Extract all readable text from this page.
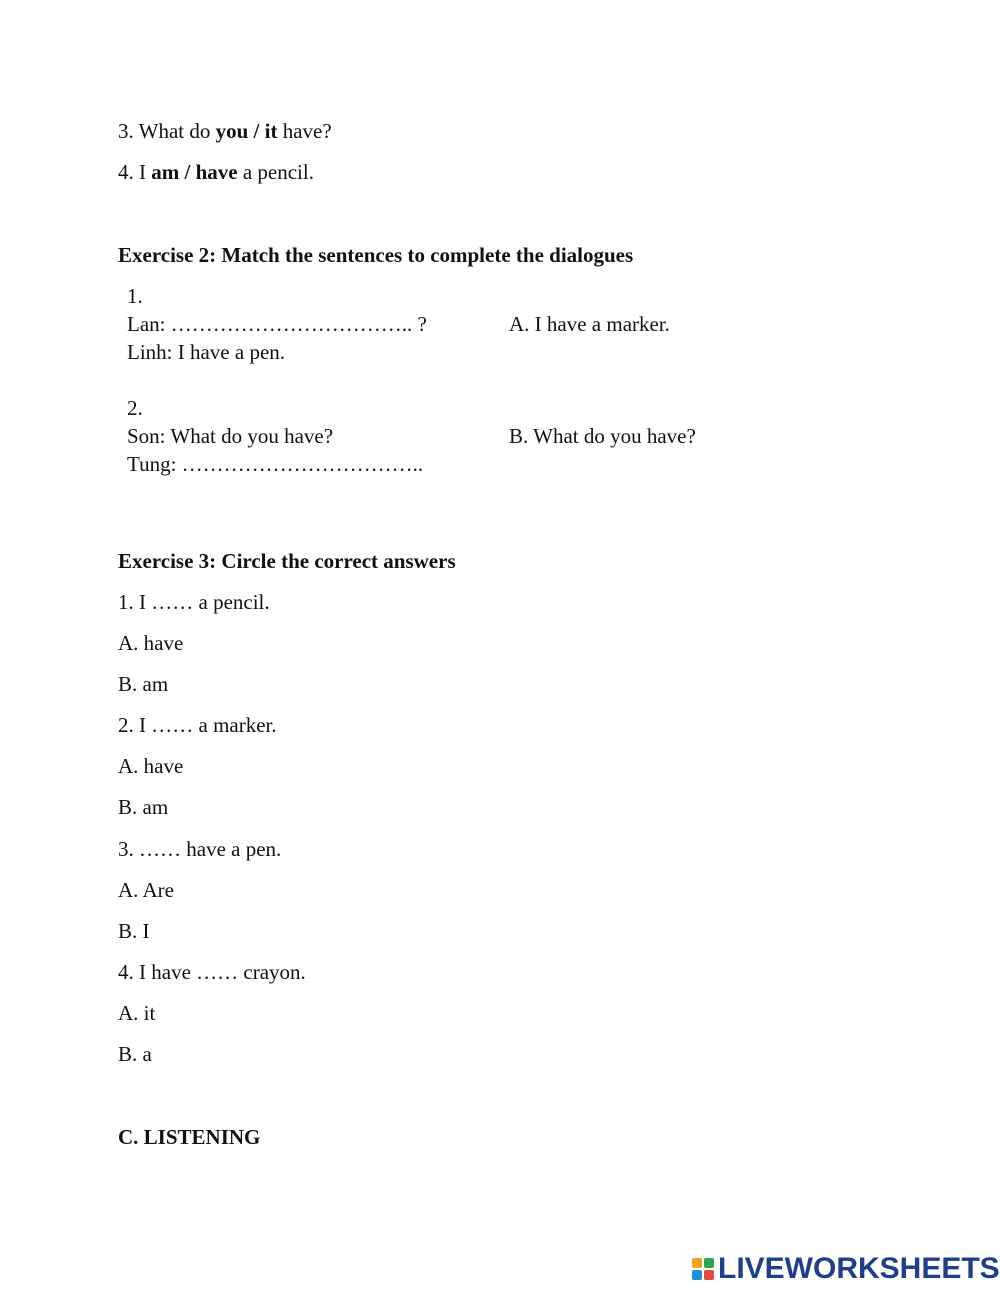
3. What do you / it have?
4. I am / have a pencil.
Exercise 2: Match the sentences to complete the dialogues
1.
Lan: …………………………….. ?	A. I have a marker.
Linh: I have a pen.
2.
Son: What do you have?	B. What do you have?
Tung: ……………………………..
Exercise 3: Circle the correct answers
1. I …… a pencil.
A. have
B. am
2. I …… a marker.
A. have
B. am
3. …… have a pen.
A. Are
B. I
4. I have …… crayon.
A. it
B. a
C. LISTENING
LIVEWORKSHEETS
